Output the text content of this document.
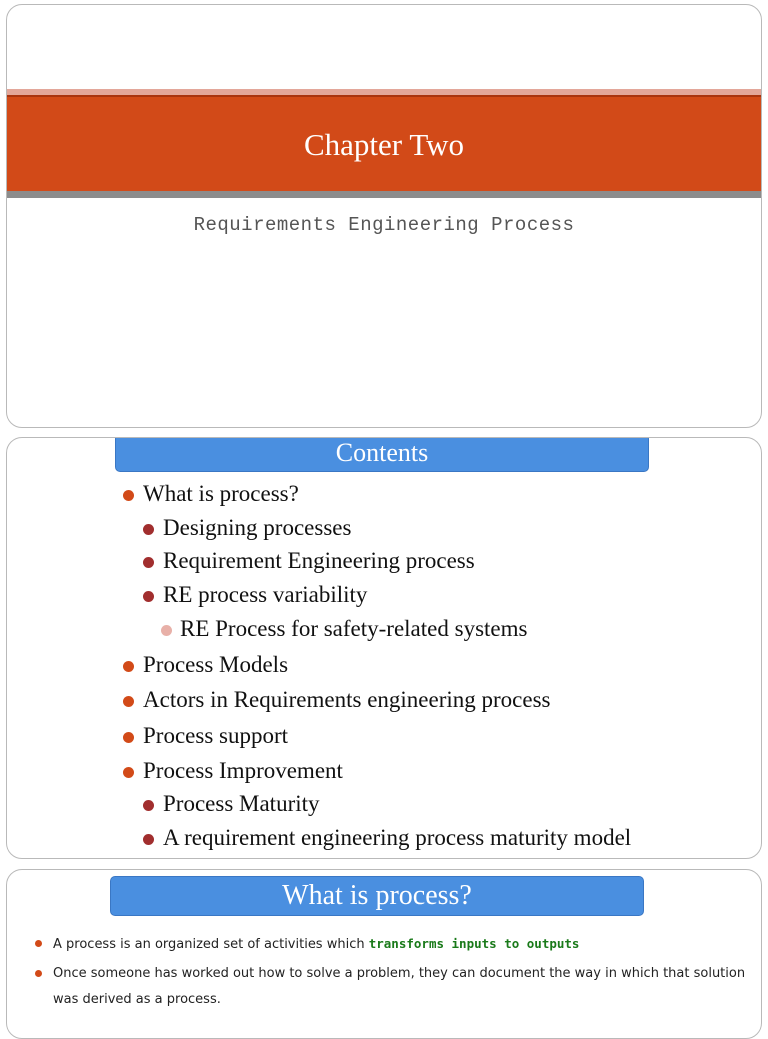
Chapter Two
Requirements Engineering Process
Contents
What is process?
Designing processes
Requirement Engineering process
RE process variability
RE Process for safety-related systems
Process Models
Actors in Requirements engineering process
Process support
Process Improvement
Process Maturity
A requirement engineering process maturity model
What is process?
A process is an organized set of activities which transforms inputs to outputs
Once someone has worked out how to solve a problem, they can document the way in which that solution was derived as a process.
